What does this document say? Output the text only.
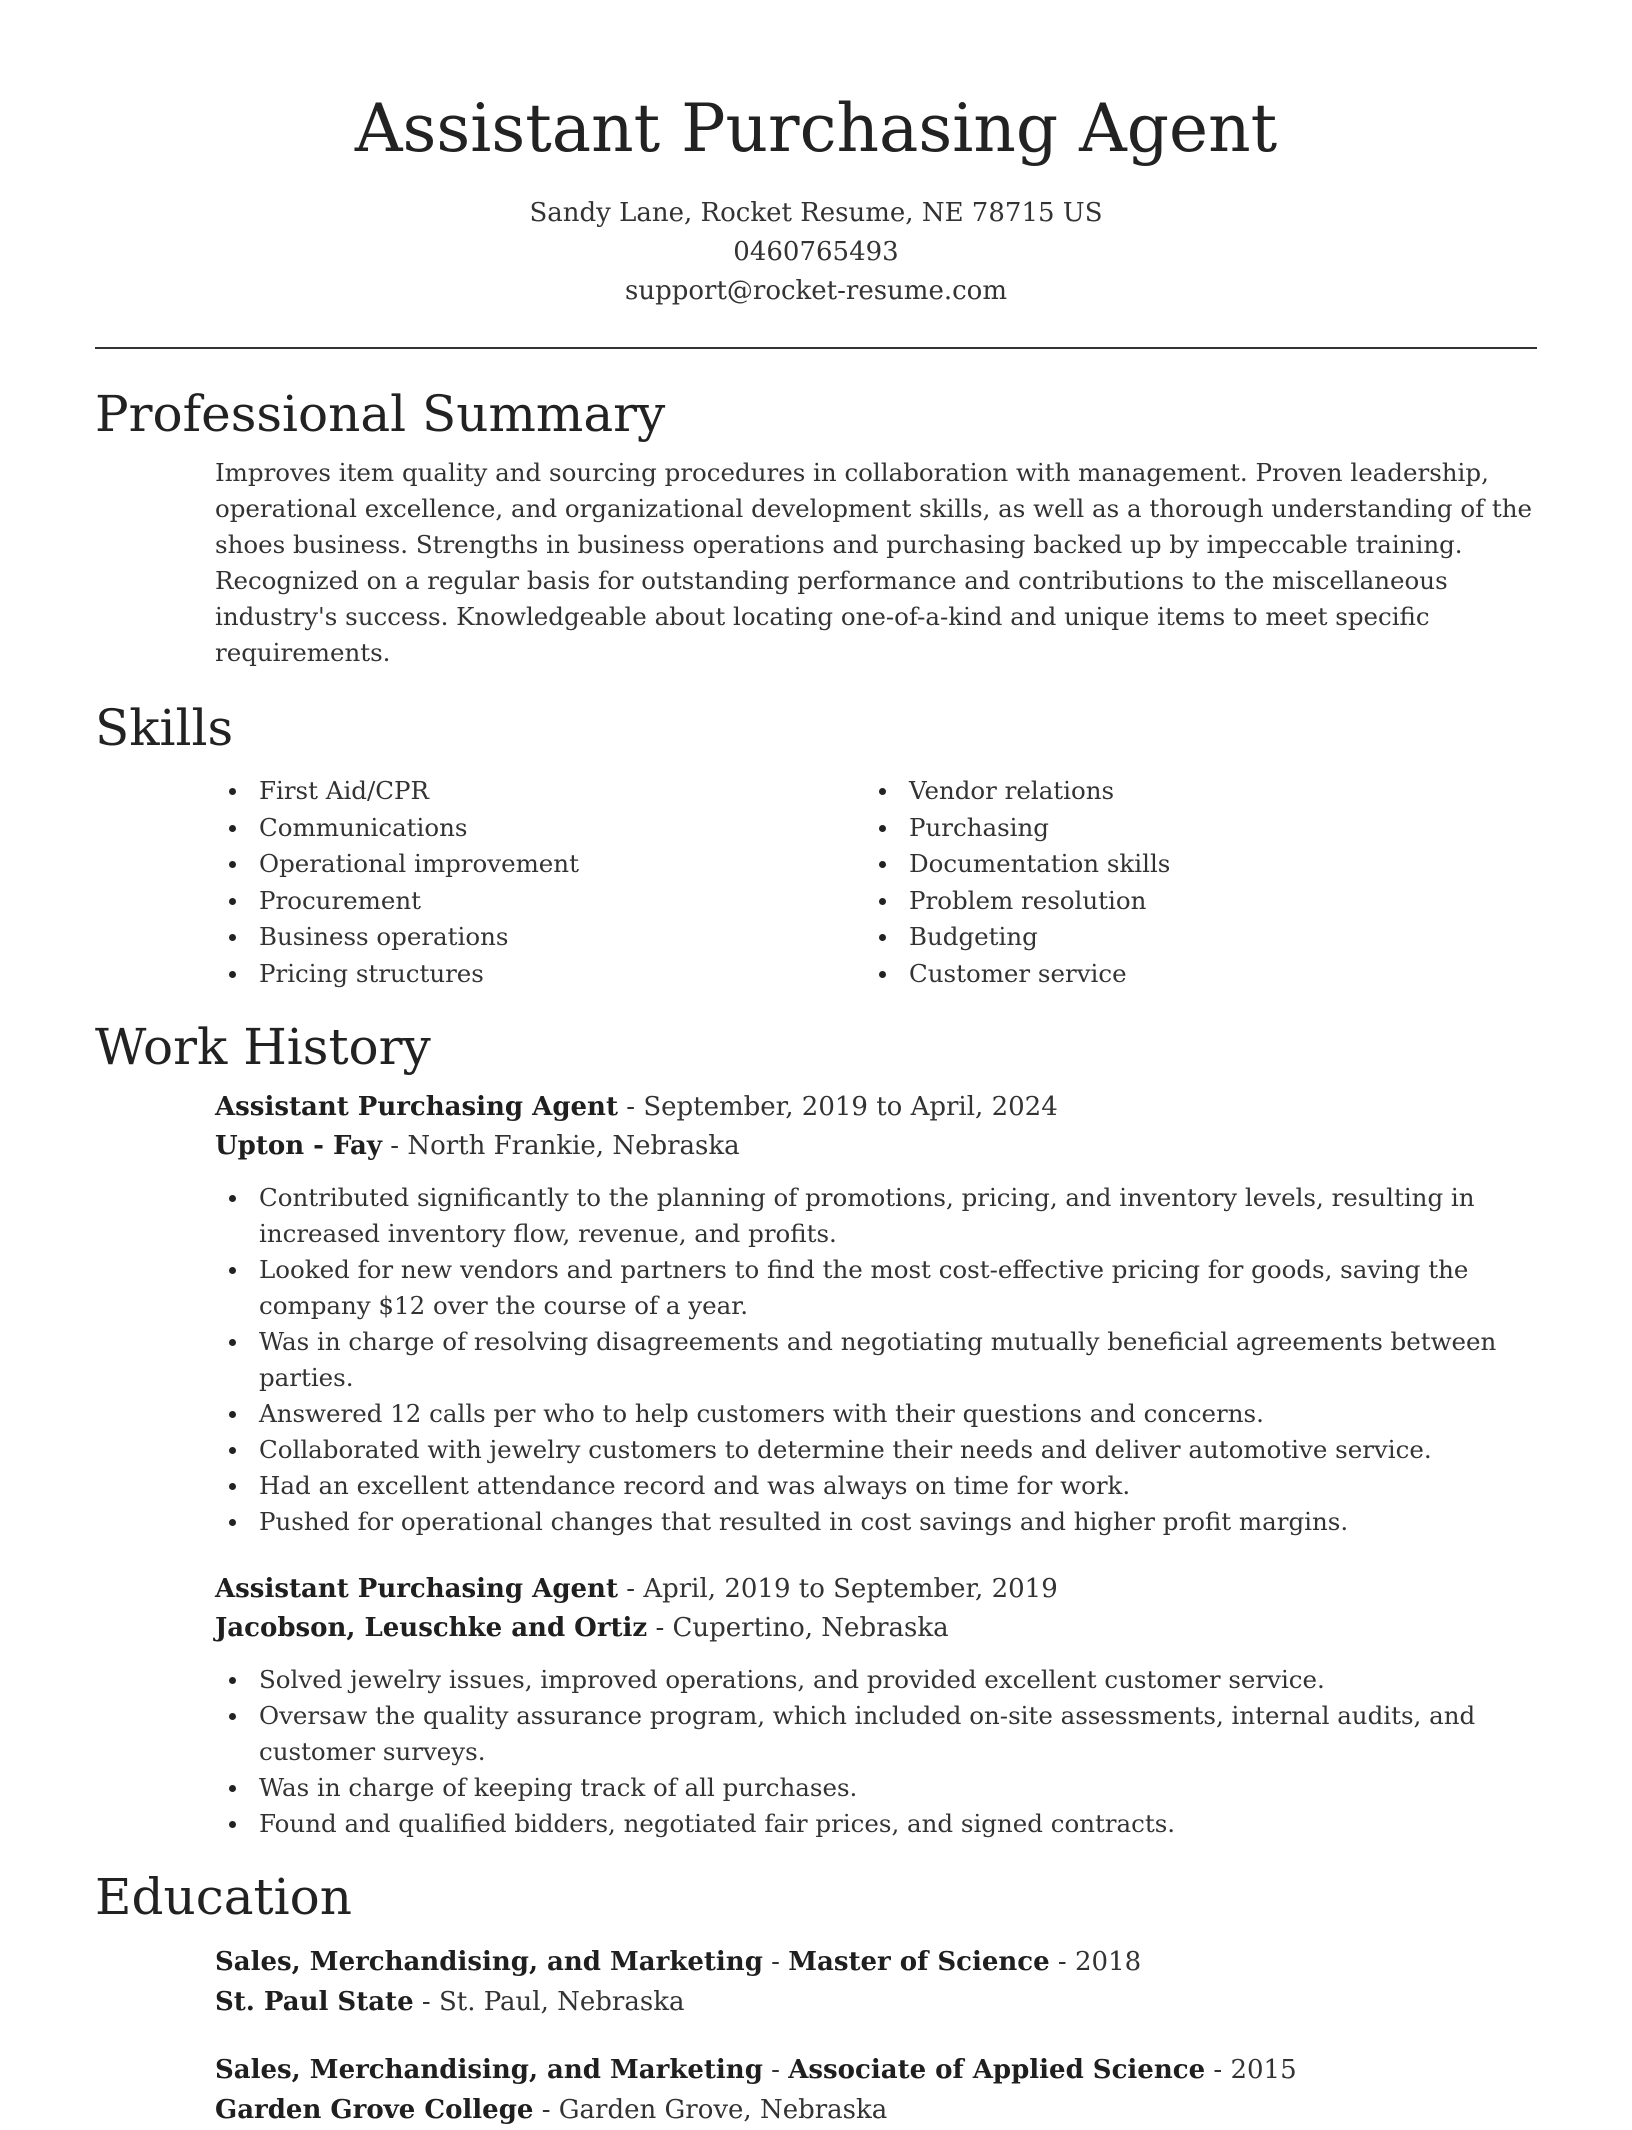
Assistant Purchasing Agent
Sandy Lane, Rocket Resume, NE 78715 US
0460765493
support@rocket-resume.com
Professional Summary

Improves item quality and sourcing procedures in collaboration with management. Proven leadership, operational excellence, and organizational development skills, as well as a thorough understanding of the shoes business. Strengths in business operations and purchasing backed up by impeccable training. Recognized on a regular basis for outstanding performance and contributions to the miscellaneous industry's success. Knowledgeable about locating one-of-a-kind and unique items to meet specific requirements.

Skills
First Aid/CPR
Communications
Operational improvement
Procurement
Business operations
Pricing structures
Vendor relations
Purchasing
Documentation skills
Problem resolution
Budgeting
Customer service
Work History
Assistant Purchasing Agent - September, 2019 to April, 2024
Upton - Fay - North Frankie, Nebraska
Contributed significantly to the planning of promotions, pricing, and inventory levels, resulting in increased inventory flow, revenue, and profits.
Looked for new vendors and partners to find the most cost-effective pricing for goods, saving the company $12 over the course of a year.
Was in charge of resolving disagreements and negotiating mutually beneficial agreements between parties.
Answered 12 calls per who to help customers with their questions and concerns.
Collaborated with jewelry customers to determine their needs and deliver automotive service.
Had an excellent attendance record and was always on time for work.
Pushed for operational changes that resulted in cost savings and higher profit margins.
Assistant Purchasing Agent - April, 2019 to September, 2019
Jacobson, Leuschke and Ortiz - Cupertino, Nebraska
Solved jewelry issues, improved operations, and provided excellent customer service.
Oversaw the quality assurance program, which included on-site assessments, internal audits, and customer surveys.
Was in charge of keeping track of all purchases.
Found and qualified bidders, negotiated fair prices, and signed contracts.
Education
Sales, Merchandising, and Marketing - Master of Science - 2018
St. Paul State - St. Paul, Nebraska
Sales, Merchandising, and Marketing - Associate of Applied Science - 2015
Garden Grove College - Garden Grove, Nebraska
